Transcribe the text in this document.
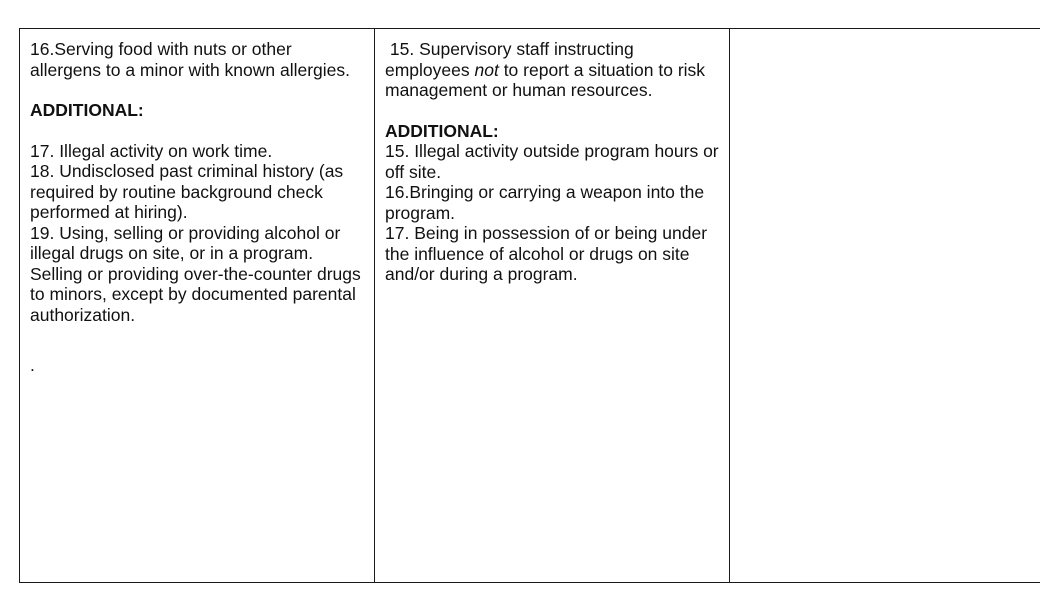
16.Serving food with nuts or other allergens to a minor with known allergies.
ADDITIONAL:
17. Illegal activity on work time.
18. Undisclosed past criminal history (as required by routine background check performed at hiring).
19. Using, selling or providing alcohol or illegal drugs on site, or in a program. Selling or providing over-the-counter drugs to minors, except by documented parental authorization.
.

15. Supervisory staff instructing employees not to report a situation to risk management or human resources.
ADDITIONAL:
15. Illegal activity outside program hours or off site.
16.Bringing or carrying a weapon into the program.
17. Being in possession of or being under the influence of alcohol or drugs on site and/or during a program.
